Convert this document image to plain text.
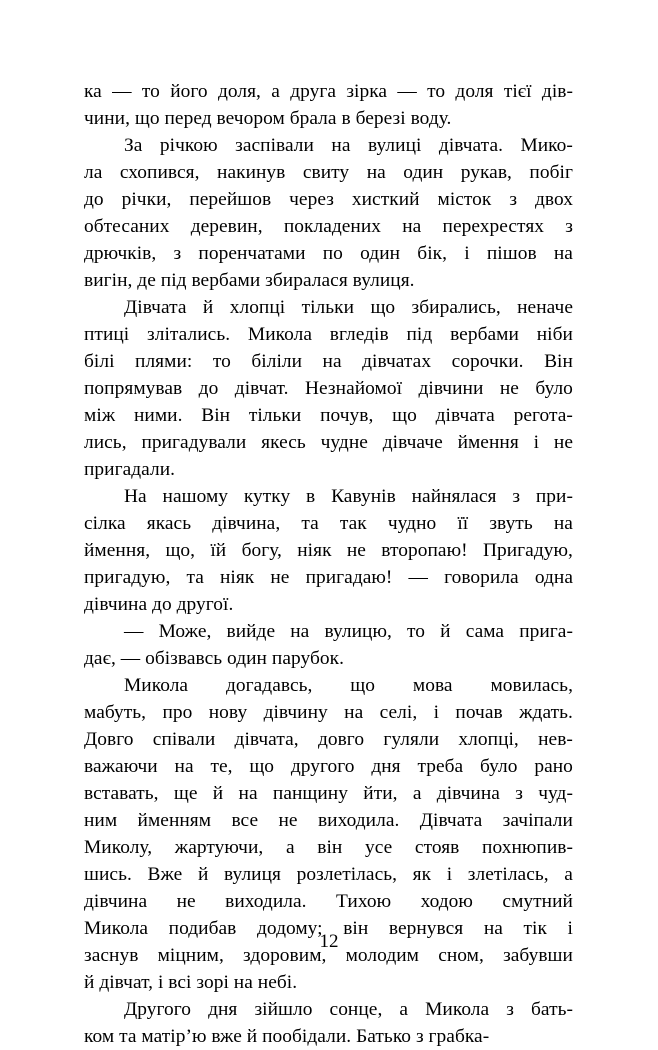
ка — то його доля, а друга зірка — то доля тієї дів-
чини, що перед вечором брала в березі воду.
За річкою заспівали на вулиці дівчата. Мико-
ла схопився, накинув свиту на один рукав, побіг
до річки, перейшов через хисткий місток з двох
обтесаних деревин, покладених на перехрестях з
дрючків, з поренчатами по один бік, і пішов на
вигін, де під вербами збиралася вулиця.
Дівчата й хлопці тільки що збирались, неначе
птиці злітались. Микола вгледів під вербами ніби
білі плями: то біліли на дівчатах сорочки. Він
попрямував до дівчат. Незнайомої дівчини не було
між ними. Він тільки почув, що дівчата регота-
лись, пригадували якесь чудне дівчаче ймення і не
пригадали.
На нашому кутку в Кавунів найнялася з при-
сілка якась дівчина, та так чудно її звуть на
ймення, що, їй богу, ніяк не второпаю! Пригадую,
пригадую, та ніяк не пригадаю! — говорила одна
дівчина до другої.
— Може, вийде на вулицю, то й сама прига-
дає, — обізвавсь один парубок.
Микола догадавсь, що мова мовилась,
мабуть, про нову дівчину на селі, і почав ждать.
Довго співали дівчата, довго гуляли хлопці, нев-
важаючи на те, що другого дня треба було рано
вставать, ще й на панщину йти, а дівчина з чуд-
ним йменням все не виходила. Дівчата зачіпали
Миколу, жартуючи, а він усе стояв похнюпив-
шись. Вже й вулиця розлетілась, як і злетілась, а
дівчина не виходила. Тихою ходою смутний
Микола подибав додому; він вернувся на тік і
заснув міцним, здоровим, молодим сном, забувши
й дівчат, і всі зорі на небі.
Другого дня зійшло сонце, а Микола з бать-
ком та матір’ю вже й пообідали. Батько з грабка-
12
